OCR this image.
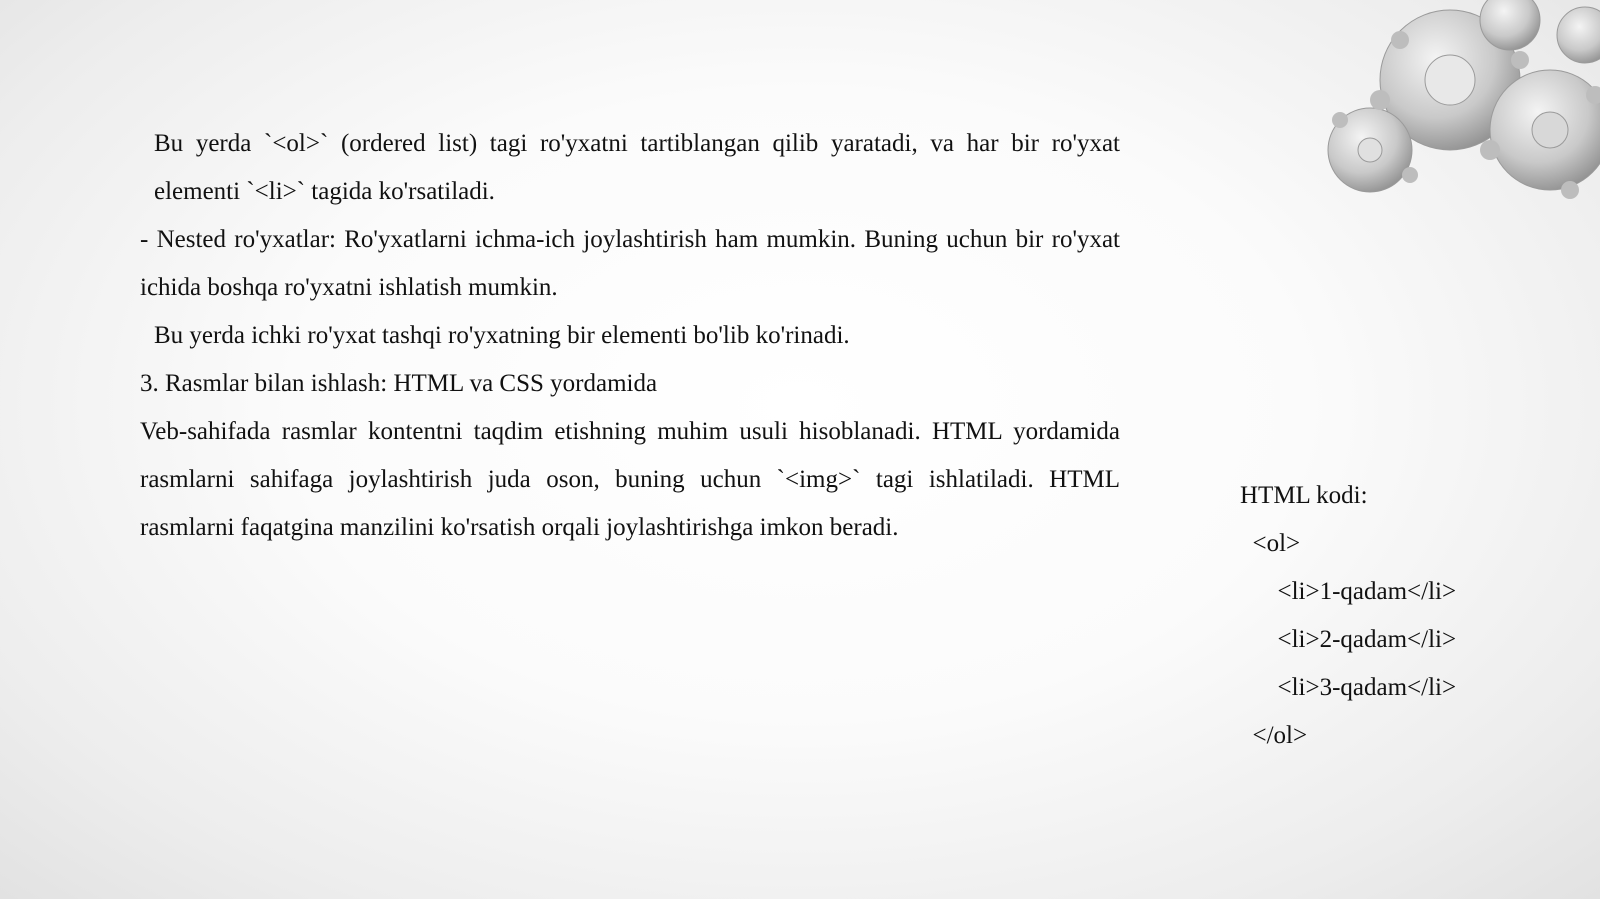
Bu yerda `<ol>` (ordered list) tagi ro'yxatni tartiblangan qilib yaratadi, va har bir ro'yxat elementi `<li>` tagida ko'rsatiladi.

- Nested ro'yxatlar: Ro'yxatlarni ichma-ich joylashtirish ham mumkin. Buning uchun bir ro'yxat ichida boshqa ro'yxatni ishlatish mumkin.

Bu yerda ichki ro'yxat tashqi ro'yxatning bir elementi bo'lib ko'rinadi.

3. Rasmlar bilan ishlash: HTML va CSS yordamida

Veb-sahifada rasmlar kontentni taqdim etishning muhim usuli hisoblanadi. HTML yordamida rasmlarni sahifaga joylashtirish juda oson, buning uchun `<img>` tagi ishlatiladi. HTML rasmlarni faqatgina manzilini ko'rsatish orqali joylashtirishga imkon beradi.

HTML kodi:
<ol>
<li>1-qadam</li>
<li>2-qadam</li>
<li>3-qadam</li>
</ol>
